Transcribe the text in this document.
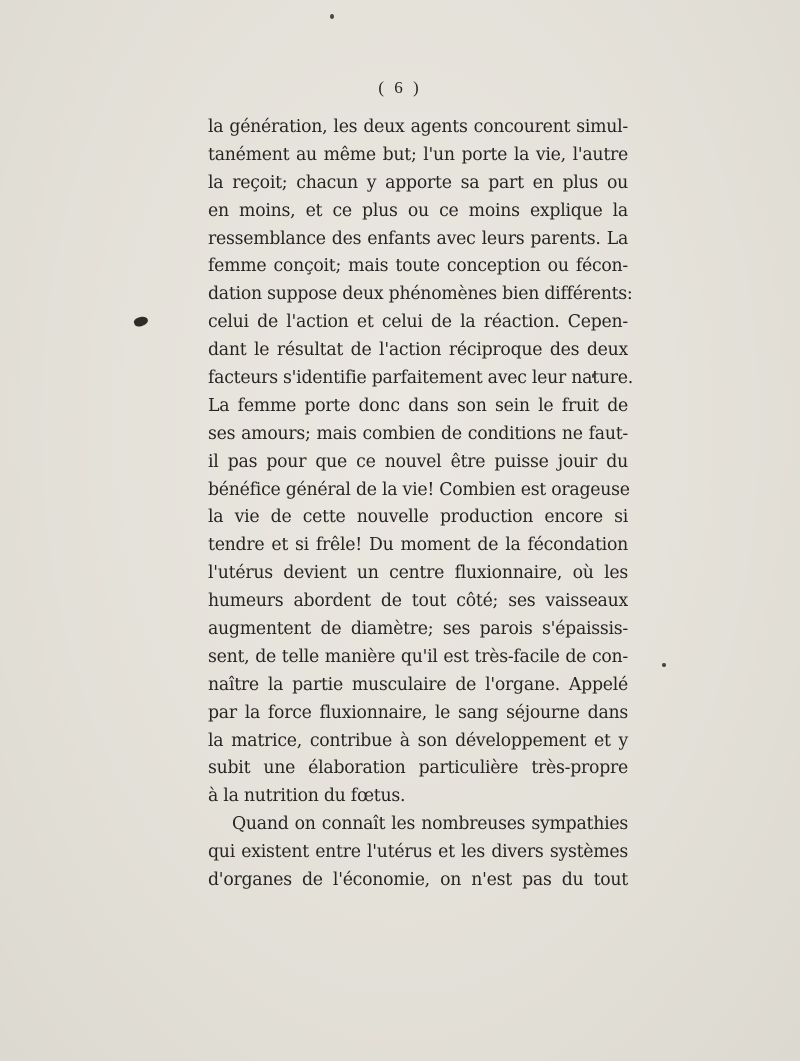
( 6 )
la génération, les deux agents concourent simul-
tanément au même but; l'un porte la vie, l'autre
la reçoit; chacun y apporte sa part en plus ou
en moins, et ce plus ou ce moins explique la
ressemblance des enfants avec leurs parents. La
femme conçoit; mais toute conception ou fécon-
dation suppose deux phénomènes bien différents:
celui de l'action et celui de la réaction. Cepen-
dant le résultat de l'action réciproque des deux
facteurs s'identifie parfaitement avec leur nature.
La femme porte donc dans son sein le fruit de
ses amours; mais combien de conditions ne faut-
il pas pour que ce nouvel être puisse jouir du
bénéfice général de la vie! Combien est orageuse
la vie de cette nouvelle production encore si
tendre et si frêle! Du moment de la fécondation
l'utérus devient un centre fluxionnaire, où les
humeurs abordent de tout côté; ses vaisseaux
augmentent de diamètre; ses parois s'épaissis-
sent, de telle manière qu'il est très-facile de con-
naître la partie musculaire de l'organe. Appelé
par la force fluxionnaire, le sang séjourne dans
la matrice, contribue à son développement et y
subit une élaboration particulière très-propre
à la nutrition du fœtus.
Quand on connaît les nombreuses sympathies
qui existent entre l'utérus et les divers systèmes
d'organes de l'économie, on n'est pas du tout
